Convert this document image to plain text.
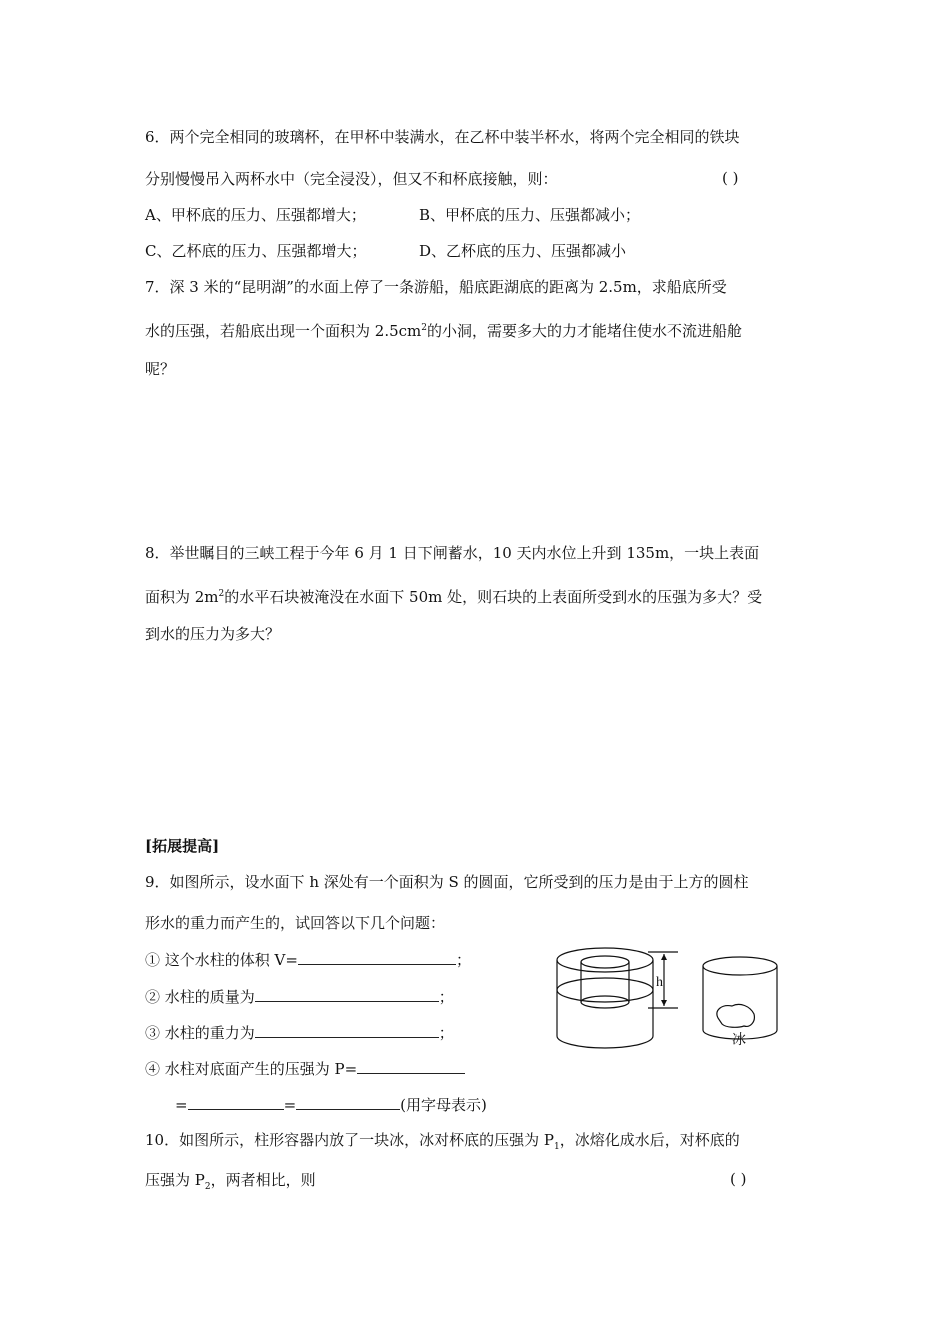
6．两个完全相同的玻璃杯，在甲杯中装满水，在乙杯中装半杯水，将两个完全相同的铁块
分别慢慢吊入两杯水中（完全浸没），但又不和杯底接触，则：	( )
A、甲杯底的压力、压强都增大；	B、甲杯底的压力、压强都减小；
C、乙杯底的压力、压强都增大；	D、乙杯底的压力、压强都减小
7．深 3 米的“昆明湖”的水面上停了一条游船，船底距湖底的距离为 2.5m，求船底所受
水的压强，若船底出现一个面积为 $2.5cm^2$的小洞，需要多大的力才能堵住使水不流进船舱
呢？
8．举世瞩目的三峡工程于今年 6 月 1 日下闸蓄水，10 天内水位上升到 135m，一块上表面
面积为 $2m^2$的水平石块被淹没在水面下 50m 处，则石块的上表面所受到水的压强为多大？受
到水的压力为多大？
[拓展提高]
9．如图所示，设水面下 h 深处有一个面积为 S 的圆面，它所受到的压力是由于上方的圆柱
形水的重力而产生的，试回答以下几个问题：
① 这个水柱的体积 V=	；
② 水柱的质量为	；
③ 水柱的重力为	；
④ 水柱对底面产生的压强为 P=
=	=	(用字母表示)
h
冰
10．如图所示，柱形容器内放了一块冰，冰对杯底的压强为 $P_1$，冰熔化成水后，对杯底的
压强为 $P_2$，两者相比，则	( )
